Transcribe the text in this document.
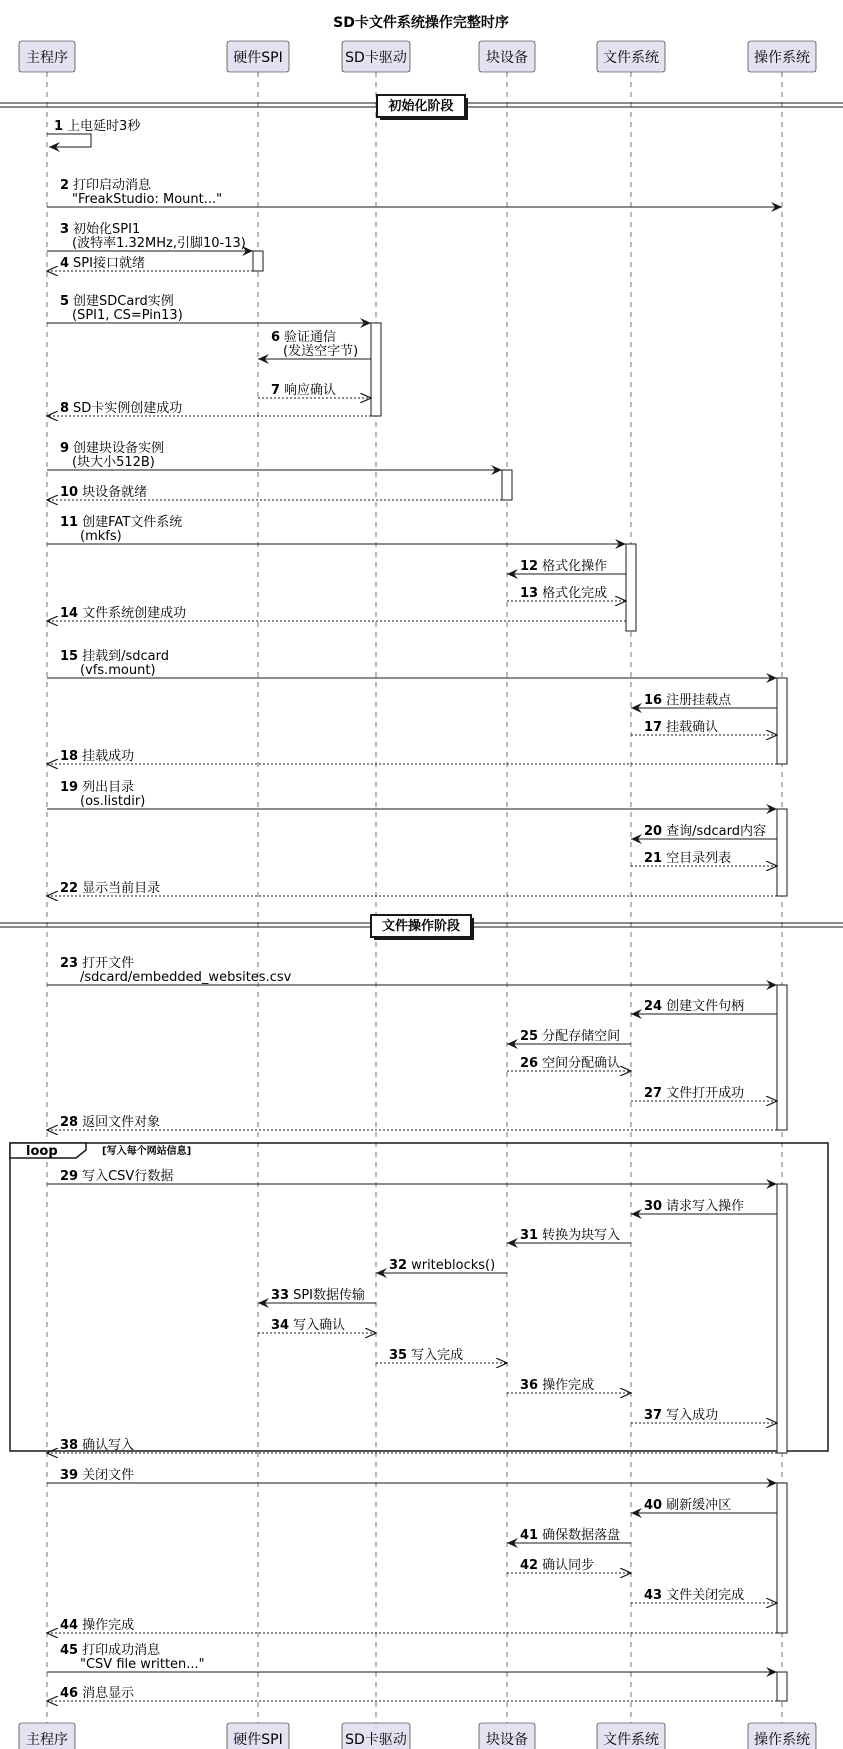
SD卡文件系统操作完整时序
初始化阶段
文件操作阶段
loop	[写入每个网站信息]
1 上电延时3秒
2 打印启动消息
"FreakStudio: Mount..."
3 初始化SPI1
(波特率1.32MHz,引脚10-13)
4 SPI接口就绪
5 创建SDCard实例
(SPI1, CS=Pin13)
6 验证通信
(发送空字节)
7 响应确认
8 SD卡实例创建成功
9 创建块设备实例
(块大小512B)
10 块设备就绪
11 创建FAT文件系统
(mkfs)
12 格式化操作
13 格式化完成
14 文件系统创建成功
15 挂载到/sdcard
(vfs.mount)
16 注册挂载点
17 挂载确认
18 挂载成功
19 列出目录
(os.listdir)
20 查询/sdcard内容
21 空目录列表
22 显示当前目录
23 打开文件
/sdcard/embedded_websites.csv
24 创建文件句柄
25 分配存储空间
26 空间分配确认
27 文件打开成功
28 返回文件对象
29 写入CSV行数据
30 请求写入操作
31 转换为块写入
32 writeblocks()
33 SPI数据传输
34 写入确认
35 写入完成
36 操作完成
37 写入成功
38 确认写入
39 关闭文件
40 刷新缓冲区
41 确保数据落盘
42 确认同步
43 文件关闭完成
44 操作完成
45 打印成功消息
"CSV file written..."
46 消息显示
主程序	硬件SPI	SD卡驱动	块设备	文件系统	操作系统
主程序	硬件SPI	SD卡驱动	块设备	文件系统	操作系统
